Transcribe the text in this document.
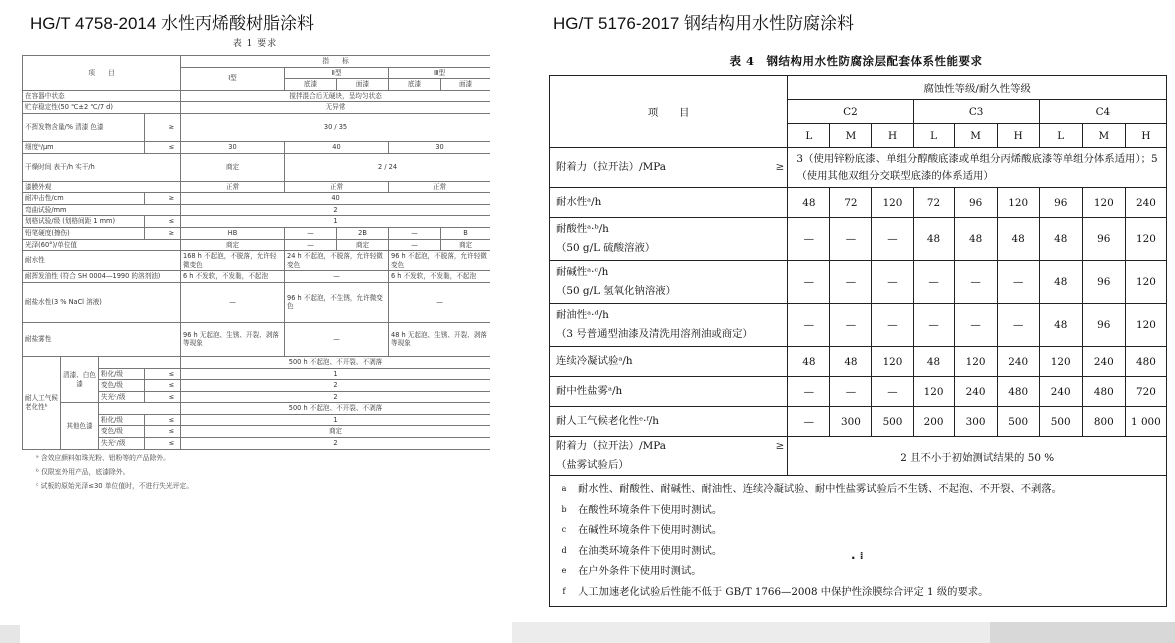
HG/T 4758-2014 水性丙烯酸树脂涂料	HG/T 5176-2017 钢结构用水性防腐涂料
表 1 要求
项　　目				指　　标				
				Ⅰ型	Ⅱ型		Ⅲ型	
					底漆	面漆	底漆	面漆
在容器中状态				搅拌混合后无硬块，呈均匀状态				
贮存稳定性(50 ℃±2 ℃/7 d)				无异常				
不挥发物含量/% 清漆 色漆			≥	30 / 35				
细度ᵃ/μm			≤	30	40		30	
干燥时间 表干/h 实干/h				商定	2 / 24			
漆膜外观				正常	正常		正常	
耐冲击性/cm			≥	40				
弯曲试验/mm				2				
划格试验/级 (划格间距 1 mm)			≤	1				
铅笔硬度(擦伤)			≥	HB	—	2B	—	B
光泽(60°)/单位值				商定	—	商定	—	商定
耐水性				168 h 不起泡，不脱落，允许轻微变色	24 h 不起泡，不脱落，允许轻微变色		96 h 不起泡，不脱落，允许轻微变色	
耐挥发油性 (符合 SH 0004—1990 的溶剂油)				6 h 不发软，不发黏，不起泡	—		6 h 不发软，不发黏，不起泡	
耐盐水性(3 % NaCl 溶液)				—	96 h 不起泡，不生锈，允许微变色		—	
耐盐雾性				96 h 无起泡、生锈、开裂、剥落等现象	—		48 h 无起泡、生锈、开裂、剥落等现象	
耐人工气候老化性ᵇ	清漆、白色漆			500 h 不起泡、不开裂、不剥落				
		粉化/级	≤	1				
		变色/级	≤	2				
		失光ᶜ/级	≤	2				
	其他色漆			500 h 不起泡、不开裂、不剥落				
		粉化/级	≤	1				
		变色/级	≤	商定				
		失光ᶜ/级	≤	2				
ᵃ 含效应颜料如珠光粉、铝粉等的产品除外。
ᵇ 仅限室外用产品，底漆除外。
ᶜ 试板的原始光泽≤30 单位值时，不进行失光评定。
表 4　钢结构用水性防腐涂层配套体系性能要求
项　　目	腐蚀性等级/耐久性等级								
	C2			C3			C4		
	L	M	H	L	M	H	L	M	H
附着力（拉开法）/MPa ≥	3（使用锌粉底漆、单组分醇酸底漆或单组分丙烯酸底漆等单组分体系适用）；5（使用其他双组分交联型底漆的体系适用）								
耐水性ᵃ/h	48	72	120	72	96	120	96	120	240
耐酸性ᵃ·ᵇ/h
（50 g/L 硫酸溶液）	—	—	—	48	48	48	48	96	120
耐碱性ᵃ·ᶜ/h
（50 g/L 氢氧化钠溶液）	—	—	—	—	—	—	48	96	120
耐油性ᵃ·ᵈ/h
（3 号普通型油漆及清洗用溶剂油或商定）	—	—	—	—	—	—	48	96	120
连续冷凝试验ᵃ/h	48	48	120	48	120	240	120	240	480
耐中性盐雾ᵃ/h	—	—	—	120	240	480	240	480	720
耐人工气候老化性ᵉ·ᶠ/h	—	300	500	200	300	500	500	800	1 000
附着力（拉开法）/MPa ≥

（盐雾试验后）	2 且不小于初始测试结果的 50 %								
a 耐水性、耐酸性、耐碱性、耐油性、连续冷凝试验、耐中性盐雾试验后不生锈、不起泡、不开裂、不剥落。
b 在酸性环境条件下使用时测试。
c 在碱性环境条件下使用时测试。
d 在油类环境条件下使用时测试。
e 在户外条件下使用时测试。
f 人工加速老化试验后性能不低于 GB/T 1766—2008 中保护性涂膜综合评定 1 级的要求。
. ⁞
